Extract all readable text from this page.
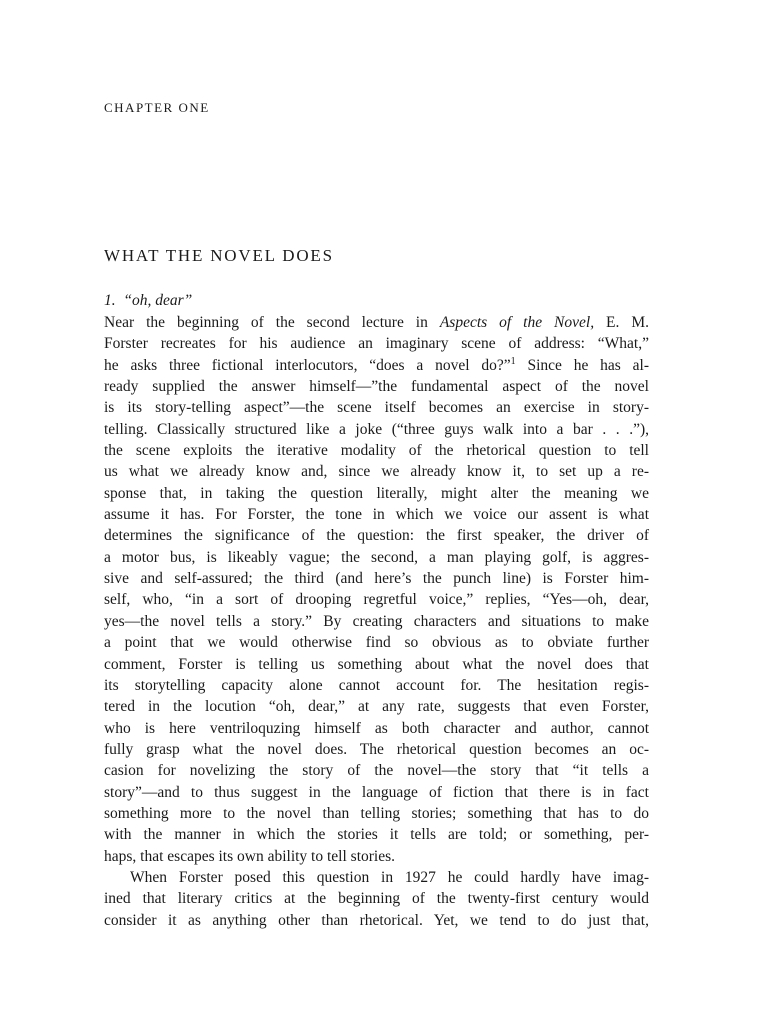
CHAPTER ONE
WHAT THE NOVEL DOES
1. “oh, dear”
Near the beginning of the second lecture in Aspects of the Novel, E. M.
Forster recreates for his audience an imaginary scene of address: “What,”
he asks three fictional interlocutors, “does a novel do?”$^1$ Since he has al-
ready supplied the answer himself—”the fundamental aspect of the novel
is its story-telling aspect”—the scene itself becomes an exercise in story-
telling. Classically structured like a joke (“three guys walk into a bar . . .”),
the scene exploits the iterative modality of the rhetorical question to tell
us what we already know and, since we already know it, to set up a re-
sponse that, in taking the question literally, might alter the meaning we
assume it has. For Forster, the tone in which we voice our assent is what
determines the significance of the question: the first speaker, the driver of
a motor bus, is likeably vague; the second, a man playing golf, is aggres-
sive and self-assured; the third (and here’s the punch line) is Forster him-
self, who, “in a sort of drooping regretful voice,” replies, “Yes—oh, dear,
yes—the novel tells a story.” By creating characters and situations to make
a point that we would otherwise find so obvious as to obviate further
comment, Forster is telling us something about what the novel does that
its storytelling capacity alone cannot account for. The hesitation regis-
tered in the locution “oh, dear,” at any rate, suggests that even Forster,
who is here ventriloquzing himself as both character and author, cannot
fully grasp what the novel does. The rhetorical question becomes an oc-
casion for novelizing the story of the novel—the story that “it tells a
story”—and to thus suggest in the language of fiction that there is in fact
something more to the novel than telling stories; something that has to do
with the manner in which the stories it tells are told; or something, per-
haps, that escapes its own ability to tell stories.
When Forster posed this question in 1927 he could hardly have imag-
ined that literary critics at the beginning of the twenty-first century would
consider it as anything other than rhetorical. Yet, we tend to do just that,
